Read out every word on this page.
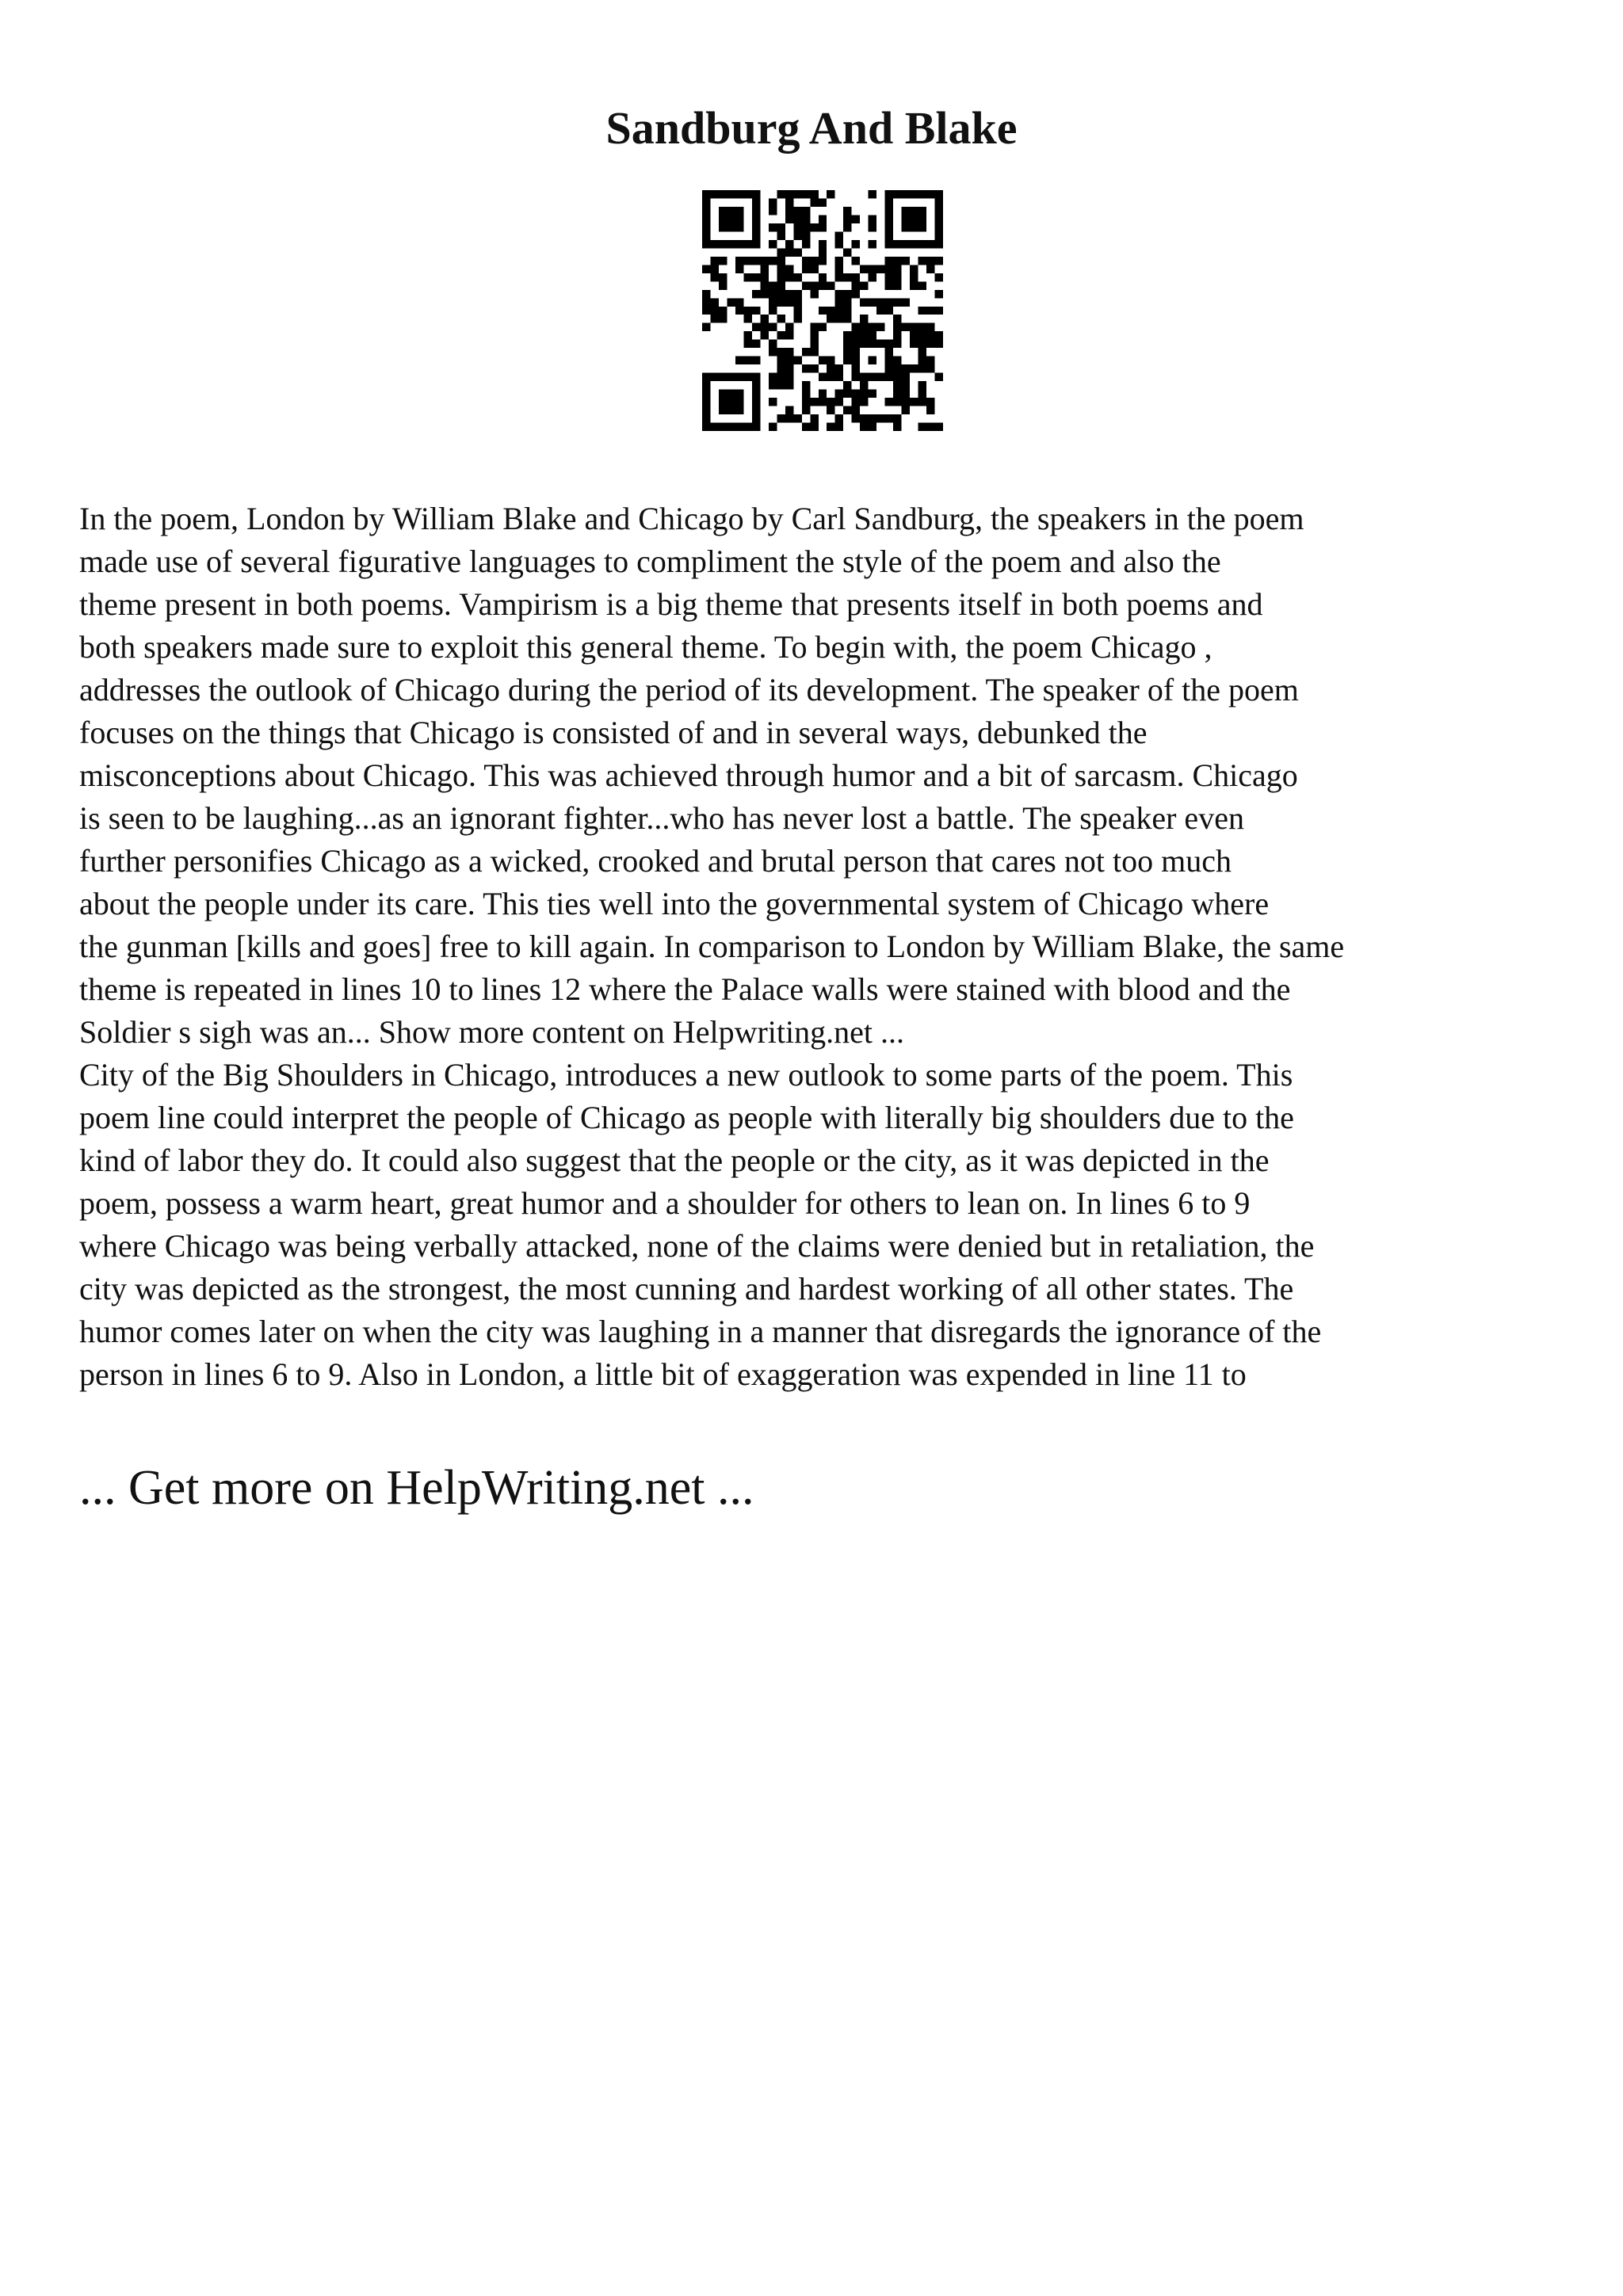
Sandburg And Blake
In the poem, London by William Blake and Chicago by Carl Sandburg, the speakers in the poem
made use of several figurative languages to compliment the style of the poem and also the
theme present in both poems. Vampirism is a big theme that presents itself in both poems and
both speakers made sure to exploit this general theme. To begin with, the poem Chicago ,
addresses the outlook of Chicago during the period of its development. The speaker of the poem
focuses on the things that Chicago is consisted of and in several ways, debunked the
misconceptions about Chicago. This was achieved through humor and a bit of sarcasm. Chicago
is seen to be laughing...as an ignorant fighter...who has never lost a battle. The speaker even
further personifies Chicago as a wicked, crooked and brutal person that cares not too much
about the people under its care. This ties well into the governmental system of Chicago where
the gunman [kills and goes] free to kill again. In comparison to London by William Blake, the same
theme is repeated in lines 10 to lines 12 where the Palace walls were stained with blood and the
Soldier s sigh was an... Show more content on Helpwriting.net ...
City of the Big Shoulders in Chicago, introduces a new outlook to some parts of the poem. This
poem line could interpret the people of Chicago as people with literally big shoulders due to the
kind of labor they do. It could also suggest that the people or the city, as it was depicted in the
poem, possess a warm heart, great humor and a shoulder for others to lean on. In lines 6 to 9
where Chicago was being verbally attacked, none of the claims were denied but in retaliation, the
city was depicted as the strongest, the most cunning and hardest working of all other states. The
humor comes later on when the city was laughing in a manner that disregards the ignorance of the
person in lines 6 to 9. Also in London, a little bit of exaggeration was expended in line 11 to

... Get more on HelpWriting.net ...
